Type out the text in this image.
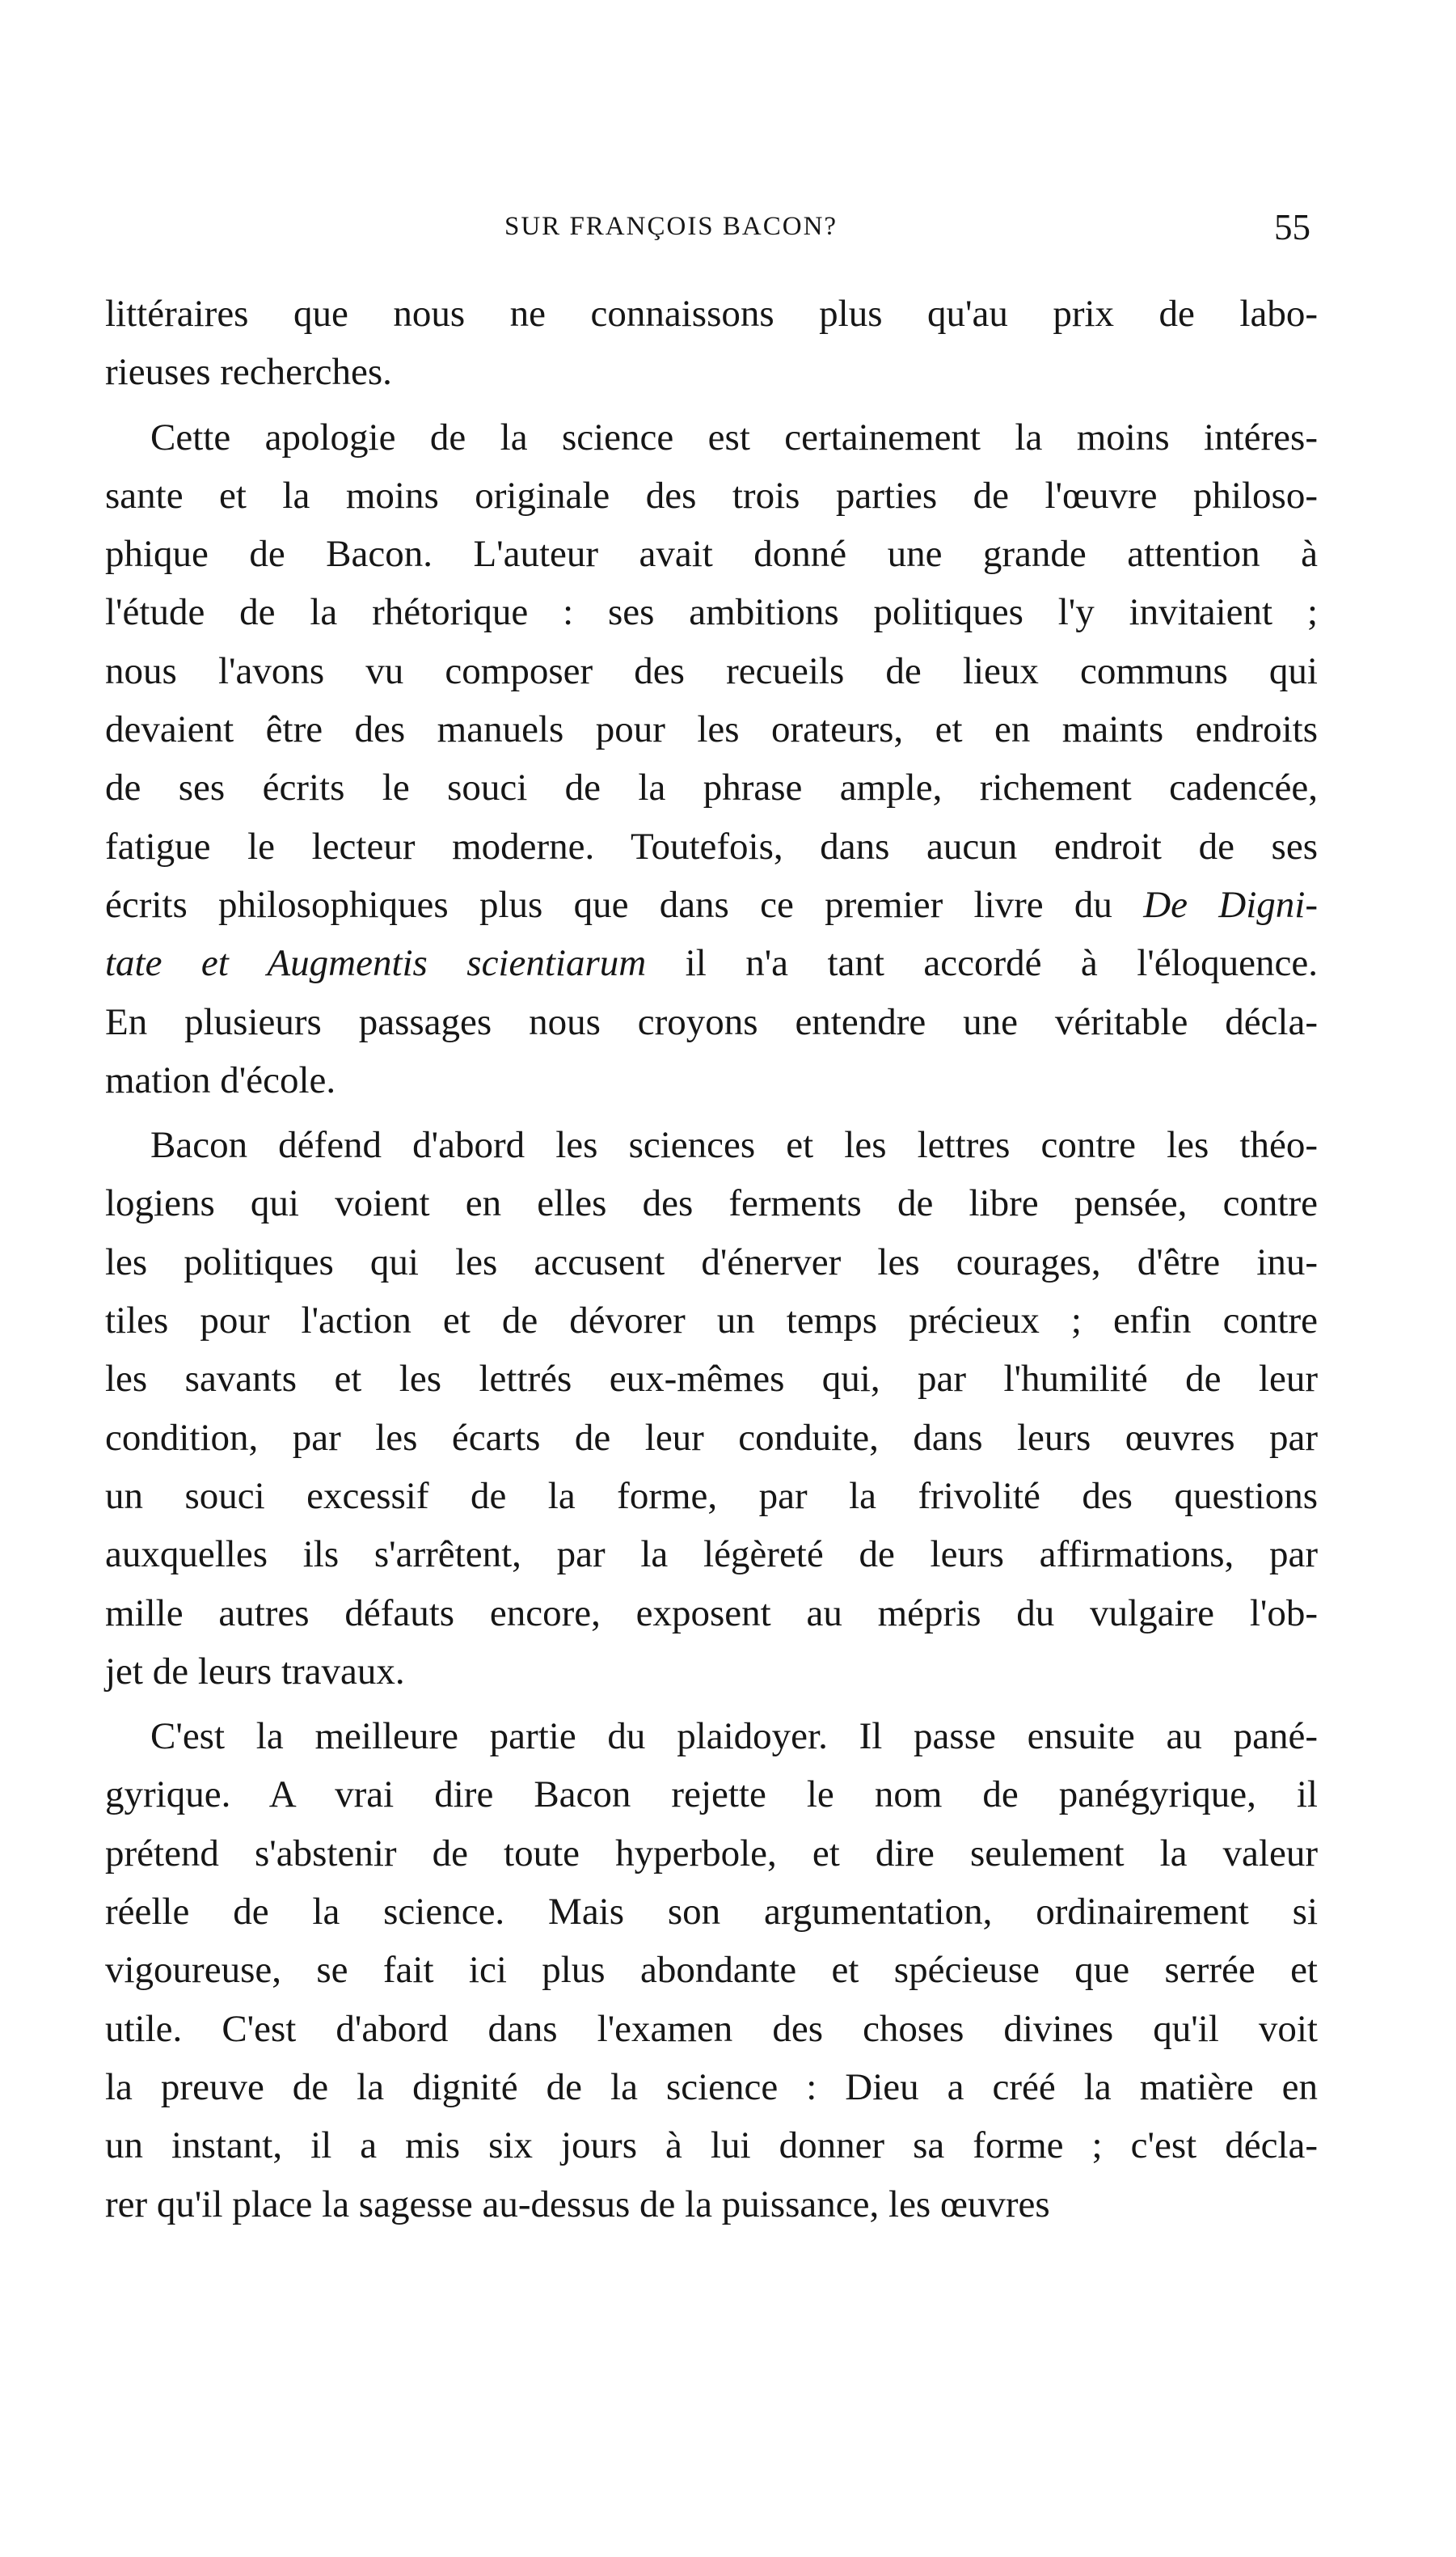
SUR FRANÇOIS BACON?	55
littéraires que nous ne connaissons plus qu'au prix de labo-
rieuses recherches.
Cette apologie de la science est certainement la moins intéres-
sante et la moins originale des trois parties de l'œuvre philoso-
phique de Bacon. L'auteur avait donné une grande attention à
l'étude de la rhétorique : ses ambitions politiques l'y invitaient ;
nous l'avons vu composer des recueils de lieux communs qui
devaient être des manuels pour les orateurs, et en maints endroits
de ses écrits le souci de la phrase ample, richement cadencée,
fatigue le lecteur moderne. Toutefois, dans aucun endroit de ses
écrits philosophiques plus que dans ce premier livre du De Digni-
tate et Augmentis scientiarum il n'a tant accordé à l'éloquence.
En plusieurs passages nous croyons entendre une véritable décla-
mation d'école.
Bacon défend d'abord les sciences et les lettres contre les théo-
logiens qui voient en elles des ferments de libre pensée, contre
les politiques qui les accusent d'énerver les courages, d'être inu-
tiles pour l'action et de dévorer un temps précieux ; enfin contre
les savants et les lettrés eux-mêmes qui, par l'humilité de leur
condition, par les écarts de leur conduite, dans leurs œuvres par
un souci excessif de la forme, par la frivolité des questions
auxquelles ils s'arrêtent, par la légèreté de leurs affirmations, par
mille autres défauts encore, exposent au mépris du vulgaire l'ob-
jet de leurs travaux.
C'est la meilleure partie du plaidoyer. Il passe ensuite au pané-
gyrique. A vrai dire Bacon rejette le nom de panégyrique, il
prétend s'abstenir de toute hyperbole, et dire seulement la valeur
réelle de la science. Mais son argumentation, ordinairement si
vigoureuse, se fait ici plus abondante et spécieuse que serrée et
utile. C'est d'abord dans l'examen des choses divines qu'il voit
la preuve de la dignité de la science : Dieu a créé la matière en
un instant, il a mis six jours à lui donner sa forme ; c'est décla-
rer qu'il place la sagesse au-dessus de la puissance, les œuvres
